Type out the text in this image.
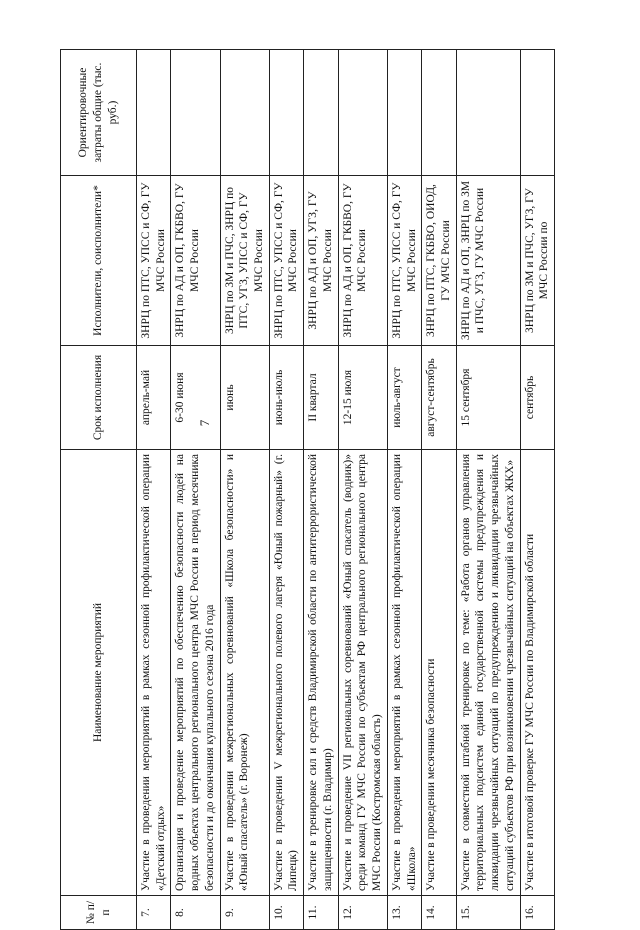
7
№ п/п	Наименование мероприятий	Срок исполнения	Исполнители, соисполнители*	Ориентировочные затраты общие (тыс. руб.)
7.	Участие в проведении мероприятий в рамках сезонной профилактической операции «Детский отдых»	апрель-май	ЗНРЦ по ПТС, УПСС и СФ, ГУ МЧС России	
8.	Организация и проведение мероприятий по обеспечению безопасности людей на водных объектах центрального регионального центра МЧС России в период месячника безопасности и до окончания купального сезона 2016 года	6-30 июня	ЗНРЦ по АД и ОП, ГКБВО, ГУ МЧС России	
9.	Участие в проведении межрегиональных соревнований «Школа безопасности» и «Юный спасатель» (г. Воронеж)	июнь	ЗНРЦ по ЗМ и ПЧС, ЗНРЦ по ПТС, УГЗ, УПСС и СФ, ГУ МЧС России	
10.	Участие в проведении V межрегионального полевого лагеря «Юный пожарный» (г. Липецк)	июнь-июль	ЗНРЦ по ПТС, УПСС и СФ, ГУ МЧС России	
11.	Участие в тренировке сил и средств Владимирской области по антитеррористической защищенности (г. Владимир)	II квартал	ЗНРЦ по АД и ОП, УГЗ, ГУ МЧС России	
12.	Участие и проведение VII региональных соревнований «Юный спасатель (водник)» среди команд ГУ МЧС России по субъектам РФ центрального регионального центра МЧС России (Костромская область)	12-15 июля	ЗНРЦ по АД и ОП, ГКБВО, ГУ МЧС России	
13.	Участие в проведении мероприятий в рамках сезонной профилактической операции «Школа»	июль-август	ЗНРЦ по ПТС, УПСС и СФ, ГУ МЧС России	
14.	Участие в проведении месячника безопасности	август-сентябрь	ЗНРЦ по ПТС, ГКБВО, ОИОД, ГУ МЧС России	
15.	Участие в совместной штабной тренировке по теме: «Работа органов управления территориальных подсистем единой государственной системы предупреждения и ликвидации чрезвычайных ситуаций по предупреждению и ликвидации чрезвычайных ситуаций субъектов РФ при возникновении чрезвычайных ситуаций на объектах ЖКХ»	15 сентября	ЗНРЦ по АД и ОП, ЗНРЦ по ЗМ и ПЧС, УГЗ, ГУ МЧС России	
16.	Участие в итоговой проверке ГУ МЧС России по Владимирской области	сентябрь	ЗНРЦ по ЗМ и ПЧС, УГЗ, ГУ МЧС России по	
